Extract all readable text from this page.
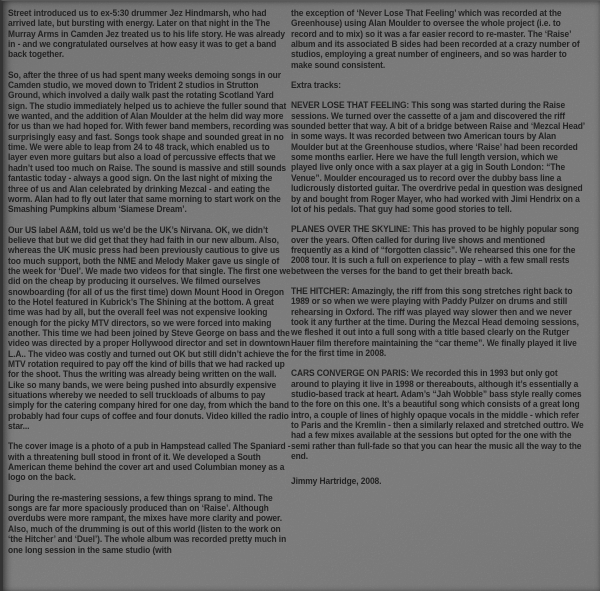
Street introduced us to ex-5:30 drummer Jez Hindmarsh, who had arrived late, but bursting with energy. Later on that night in the The Murray Arms in Camden Jez treated us to his life story. He was already in - and we congratulated ourselves at how easy it was to get a band back together.

So, after the three of us had spent many weeks demoing songs in our Camden studio, we moved down to Trident 2 studios in Strutton Ground, which involved a daily walk past the rotating Scotland Yard sign. The studio immediately helped us to achieve the fuller sound that we wanted, and the addition of Alan Moulder at the helm did way more for us than we had hoped for. With fewer band members, recording was surprisingly easy and fast. Songs took shape and sounded great in no time. We were able to leap from 24 to 48 track, which enabled us to layer even more guitars but also a load of percussive effects that we hadn’t used too much on Raise. The sound is massive and still sounds fantastic today - always a good sign. On the last night of mixing the three of us and Alan celebrated by drinking Mezcal - and eating the worm. Alan had to fly out later that same morning to start work on the Smashing Pumpkins album ‘Siamese Dream’.

Our US label A&M, told us we’d be the UK’s Nirvana. OK, we didn’t believe that but we did get that they had faith in our new album. Also, whereas the UK music press had been previously cautious to give us too much support, both the NME and Melody Maker gave us single of the week for ‘Duel’. We made two videos for that single. The first one we did on the cheap by producing it ourselves. We filmed ourselves snowboarding (for all of us the first time) down Mount Hood in Oregon to the Hotel featured in Kubrick’s The Shining at the bottom. A great time was had by all, but the overall feel was not expensive looking enough for the picky MTV directors, so we were forced into making another. This time we had been joined by Steve George on bass and the video was directed by a proper Hollywood director and set in downtown L.A.. The video was costly and turned out OK but still didn’t achieve the MTV rotation required to pay off the kind of bills that we had racked up for the shoot. Thus the writing was already being written on the wall. Like so many bands, we were being pushed into absurdly expensive situations whereby we needed to sell truckloads of albums to pay simply for the catering company hired for one day, from which the band probably had four cups of coffee and four donuts. Video killed the radio star...

The cover image is a photo of a pub in Hampstead called The Spaniard - with a threatening bull stood in front of it. We developed a South American theme behind the cover art and used Columbian money as a logo on the back.

During the re-mastering sessions, a few things sprang to mind. The songs are far more spaciously produced than on ‘Raise’. Although overdubs were more rampant, the mixes have more clarity and power. Also, much of the drumming is out of this world (listen to the work on ‘the Hitcher’ and ‘Duel’). The whole album was recorded pretty much in one long session in the same studio (with

the exception of ‘Never Lose That Feeling’ which was recorded at the Greenhouse) using Alan Moulder to oversee the whole project (i.e. to record and to mix) so it was a far easier record to re-master. The ‘Raise’ album and its associated B sides had been recorded at a crazy number of studios, employing a great number of engineers, and so was harder to make sound consistent.

Extra tracks:

NEVER LOSE THAT FEELING: This song was started during the Raise sessions. We turned over the cassette of a jam and discovered the riff sounded better that way. A bit of a bridge between Raise and ‘Mezcal Head’ in some ways. It was recorded between two American tours by Alan Moulder but at the Greenhouse studios, where ‘Raise’ had been recorded some months earlier. Here we have the full length version, which we played live only once with a sax player at a gig in South London: “The Venue”. Moulder encouraged us to record over the dubby bass line a ludicrously distorted guitar. The overdrive pedal in question was designed by and bought from Roger Mayer, who had worked with Jimi Hendrix on a lot of his pedals. That guy had some good stories to tell.

PLANES OVER THE SKYLINE: This has proved to be highly popular song over the years. Often called for during live shows and mentioned frequently as a kind of “forgotten classic”. We rehearsed this one for the 2008 tour. It is such a full on experience to play – with a few small rests between the verses for the band to get their breath back.

THE HITCHER: Amazingly, the riff from this song stretches right back to 1989 or so when we were playing with Paddy Pulzer on drums and still rehearsing in Oxford. The riff was played way slower then and we never took it any further at the time. During the Mezcal Head demoing sessions, we fleshed it out into a full song with a title based clearly on the Rutger Hauer film therefore maintaining the “car theme”. We finally played it live for the first time in 2008.

CARS CONVERGE ON PARIS: We recorded this in 1993 but only got around to playing it live in 1998 or thereabouts, although it’s essentially a studio-based track at heart. Adam’s “Jah Wobble” bass style really comes to the fore on this one. It’s a beautiful song which consists of a great long intro, a couple of lines of highly opaque vocals in the middle - which refer to Paris and the Kremlin - then a similarly relaxed and stretched outtro. We had a few mixes available at the sessions but opted for the one with the semi rather than full-fade so that you can hear the music all the way to the end.

Jimmy Hartridge, 2008.
